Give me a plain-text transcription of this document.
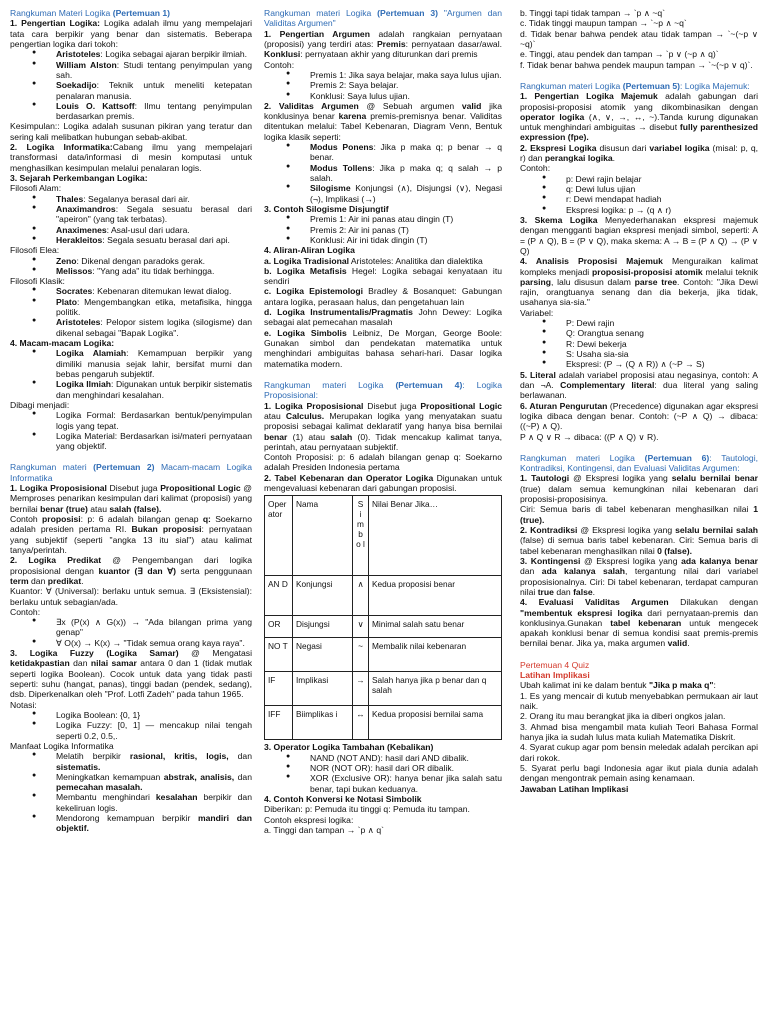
Rangkuman Materi Logika (Pertemuan 1)
1. Pengertian Logika: Logika adalah ilmu yang mempelajari tata cara berpikir yang benar dan sistematis. Beberapa pengertian logika dari tokoh:
● Aristoteles: Logika sebagai ajaran berpikir ilmiah.
● William Alston: Studi tentang penyimpulan yang sah.
● Soekadijo: Teknik untuk meneliti ketepatan penalaran manusia.
● Louis O. Kattsoff: Ilmu tentang penyimpulan berdasarkan premis.
Kesimpulan:: Logika adalah susunan pikiran yang teratur dan sering kali melibatkan hubungan sebab-akibat.
2. Logika Informatika:Cabang ilmu yang mempelajari transformasi data/informasi di mesin komputasi untuk menghasilkan kesimpulan melalui penalaran logis.
3. Sejarah Perkembangan Logika:
Filosofi Alam:
● Thales: Segalanya berasal dari air.
● Anaximandros: Segala sesuatu berasal dari "apeiron" (yang tak terbatas).
● Anaximenes: Asal-usul dari udara.
● Herakleitos: Segala sesuatu berasal dari api.
Filosofi Elea:
● Zeno: Dikenal dengan paradoks gerak.
● Melissos: "Yang ada" itu tidak berhingga.
Filosofi Klasik:
● Socrates: Kebenaran ditemukan lewat dialog.
● Plato: Mengembangkan etika, metafisika, hingga politik.
● Aristoteles: Pelopor sistem logika (silogisme) dan dikenal sebagai "Bapak Logika".
4. Macam-macam Logika:
● Logika Alamiah: Kemampuan berpikir yang dimiliki manusia sejak lahir, bersifat murni dan bebas pengaruh subjektif.
● Logika Ilmiah: Digunakan untuk berpikir sistematis dan menghindari kesalahan.
Dibagi menjadi:
● Logika Formal: Berdasarkan bentuk/penyimpulan logis yang tepat.
● Logika Material: Berdasarkan isi/materi pernyataan yang objektif.
Rangkuman materi (Pertemuan 2) Macam-macam Logika Informatika
1. Logika Proposisional Disebut juga Propositional Logic @ Memproses penarikan kesimpulan dari kalimat (proposisi) yang bernilai benar (true) atau salah (false).
Contoh proposisi: p: 6 adalah bilangan genap q: Soekarno adalah presiden pertama RI. Bukan proposisi: pernyataan yang subjektif (seperti "angka 13 itu sial") atau kalimat tanya/perintah.
2. Logika Predikat @ Pengembangan dari logika proposisional dengan kuantor (∃ dan ∀) serta penggunaan term dan predikat.
Kuantor: ∀ (Universal): berlaku untuk semua. ∃ (Eksistensial): berlaku untuk sebagian/ada.
Contoh:
● ∃x (P(x) ∧ G(x)) → "Ada bilangan prima yang genap"
● ∀ O(x) → K(x) → "Tidak semua orang kaya raya".
3. Logika Fuzzy (Logika Samar) @ Mengatasi ketidakpastian dan nilai samar antara 0 dan 1 (tidak mutlak seperti logika Boolean). Cocok untuk data yang tidak pasti seperti: suhu (hangat, panas), tinggi badan (pendek, sedang), dsb. Diperkenalkan oleh "Prof. Lotfi Zadeh" pada tahun 1965.
Notasi:
● Logika Boolean: {0, 1}
● Logika Fuzzy: [0, 1] — mencakup nilai tengah seperti 0.2, 0.5,.
Manfaat Logika Informatika
● Melatih berpikir rasional, kritis, logis, dan sistematis.
● Meningkatkan kemampuan abstrak, analisis, dan pemecahan masalah.
● Membantu menghindari kesalahan berpikir dan kekeliruan logis.
● Mendorong kemampuan berpikir mandiri dan objektif.
Rangkuman materi Logika (Pertemuan 3) "Argumen dan Validitas Argumen"
1. Pengertian Argumen adalah rangkaian pernyataan (proposisi) yang terdiri atas: Premis: pernyataan dasar/awal. Konklusi: pernyataan akhir yang diturunkan dari premis
Contoh:
● Premis 1: Jika saya belajar, maka saya lulus ujian.
● Premis 2: Saya belajar.
● Konklusi: Saya lulus ujian.
2. Validitas Argumen @ Sebuah argumen valid jika konklusinya benar karena premis-premisnya benar. Validitas ditentukan melalui: Tabel Kebenaran, Diagram Venn, Bentuk logika klasik seperti:
● Modus Ponens: Jika p maka q; p benar → q benar.
● Modus Tollens: Jika p maka q; q salah → p salah.
● Silogisme Konjungsi (∧), Disjungsi (∨), Negasi (¬), Implikasi (→)
3. Contoh Silogisme Disjungtif
● Premis 1: Air ini panas atau dingin (T)
● Premis 2: Air ini panas (T)
● Konklusi: Air ini tidak dingin (T)
4. Aliran-Aliran Logika
a. Logika Tradisional Aristoteles: Analitika dan dialektika
b. Logika Metafisis Hegel: Logika sebagai kenyataan itu sendiri
c. Logika Epistemologi Bradley & Bosanquet: Gabungan antara logika, perasaan halus, dan pengetahuan lain
d. Logika Instrumentalis/Pragmatis John Dewey: Logika sebagai alat pemecahan masalah
e. Logika Simbolis Leibniz, De Morgan, George Boole: Gunakan simbol dan pendekatan matematika untuk menghindari ambiguitas bahasa sehari-hari. Dasar logika matematika modern.
Rangkuman materi Logika (Pertemuan 4): Logika Proposisional:
1. Logika Proposisional Disebut juga Propositional Logic atau Calculus. Merupakan logika yang menyatakan suatu proposisi sebagai kalimat deklaratif yang hanya bisa bernilai benar (1) atau salah (0). Tidak mencakup kalimat tanya, perintah, atau pernyataan subjektif.
Contoh Proposisi: p: 6 adalah bilangan genap q: Soekarno adalah Presiden Indonesia pertama
2. Tabel Kebenaran dan Operator Logika Digunakan untuk mengevaluasi kebenaran dari gabungan proposisi.
Oper ator	Nama	S i m b o l	Nilai Benar Jika…
AN D	Konjungsi	∧	Kedua proposisi benar
OR	Disjungsi	∨	Minimal salah satu benar
NO T	Negasi	~	Membalik nilai kebenaran
IF	Implikasi	→	Salah hanya jika p benar dan q salah
IFF	Biimplikas i	↔	Kedua proposisi bernilai sama
3. Operator Logika Tambahan (Kebalikan)
● NAND (NOT AND): hasil dari AND dibalik.
● NOR (NOT OR): hasil dari OR dibalik.
● XOR (Exclusive OR): hanya benar jika salah satu benar, tapi bukan keduanya.
4. Contoh Konversi ke Notasi Simbolik
Diberikan: p: Pemuda itu tinggi q: Pemuda itu tampan.
Contoh ekspresi logika:
a. Tinggi dan tampan → `p ∧ q`
b. Tinggi tapi tidak tampan → `p ∧ ~q`
c. Tidak tinggi maupun tampan → `~p ∧ ~q`
d. Tidak benar bahwa pendek atau tidak tampan → `~(~p ∨ ~q)`
e. Tinggi, atau pendek dan tampan → `p ∨ (~p ∧ q)`
f. Tidak benar bahwa pendek maupun tampan → `~(~p ∨ q)`.
Rangkuman materi Logika (Pertemuan 5): Logika Majemuk:
1. Pengertian Logika Majemuk adalah gabungan dari proposisi-proposisi atomik yang dikombinasikan dengan operator logika (∧, ∨, →, ↔, ~).Tanda kurung digunakan untuk menghindari ambiguitas → disebut fully parenthesized expression (fpe).
2. Ekspresi Logika disusun dari variabel logika (misal: p, q, r) dan perangkai logika.
Contoh:
● p: Dewi rajin belajar
● q: Dewi lulus ujian
● r: Dewi mendapat hadiah
● Ekspresi logika: p → (q ∧ r)
3. Skema Logika Menyederhanakan ekspresi majemuk dengan mengganti bagian ekspresi menjadi simbol, seperti: A = (P ∧ Q), B = (P ∨ Q), maka skema: A → B = (P ∧ Q) → (P ∨ Q)
4. Analisis Proposisi Majemuk Menguraikan kalimat kompleks menjadi proposisi-proposisi atomik melalui teknik parsing, lalu disusun dalam parse tree. Contoh: "Jika Dewi rajin, orangtuanya senang dan dia bekerja, jika tidak, usahanya sia-sia."
Variabel:
● P: Dewi rajin
● Q: Orangtua senang
● R: Dewi bekerja
● S: Usaha sia-sia
● Ekspresi: (P → (Q ∧ R)) ∧ (~P → S)
5. Literal adalah variabel proposisi atau negasinya, contoh: A dan ¬A. Complementary literal: dua literal yang saling berlawanan.
6. Aturan Pengurutan (Precedence) digunakan agar ekspresi logika dibaca dengan benar. Contoh: (~P ∧ Q) → dibaca: ((~P) ∧ Q).
P ∧ Q ∨ R → dibaca: ((P ∧ Q) ∨ R).
Rangkuman materi Logika (Pertemuan 6): Tautologi, Kontradiksi, Kontingensi, dan Evaluasi Validitas Argumen:
1. Tautologi @ Ekspresi logika yang selalu bernilai benar (true) dalam semua kemungkinan nilai kebenaran dari proposisi-proposisinya.
Ciri: Semua baris di tabel kebenaran menghasilkan nilai 1 (true).
2. Kontradiksi @ Ekspresi logika yang selalu bernilai salah (false) di semua baris tabel kebenaran. Ciri: Semua baris di tabel kebenaran menghasilkan nilai 0 (false).
3. Kontingensi @ Ekspresi logika yang ada kalanya benar dan ada kalanya salah, tergantung nilai dari variabel proposisionalnya. Ciri: Di tabel kebenaran, terdapat campuran nilai true dan false.
4. Evaluasi Validitas Argumen Dilakukan dengan "membentuk ekspresi logika dari pernyataan-premis dan konklusinya.Gunakan tabel kebenaran untuk mengecek apakah konklusi benar di semua kondisi saat premis-premis bernilai benar. Jika ya, maka argumen valid.
Pertemuan 4 Quiz
Latihan Implikasi
Ubah kalimat ini ke dalam bentuk "Jika p maka q":
1. Es yang mencair di kutub menyebabkan permukaan air laut naik.
2. Orang itu mau berangkat jika ia diberi ongkos jalan.
3. Ahmad bisa mengambil mata kuliah Teori Bahasa Formal hanya jika ia sudah lulus mata kuliah Matematika Diskrit.
4. Syarat cukup agar pom bensin meledak adalah percikan api dari rokok.
5. Syarat perlu bagi Indonesia agar ikut piala dunia adalah dengan mengontrak pemain asing kenamaan.
Jawaban Latihan Implikasi
